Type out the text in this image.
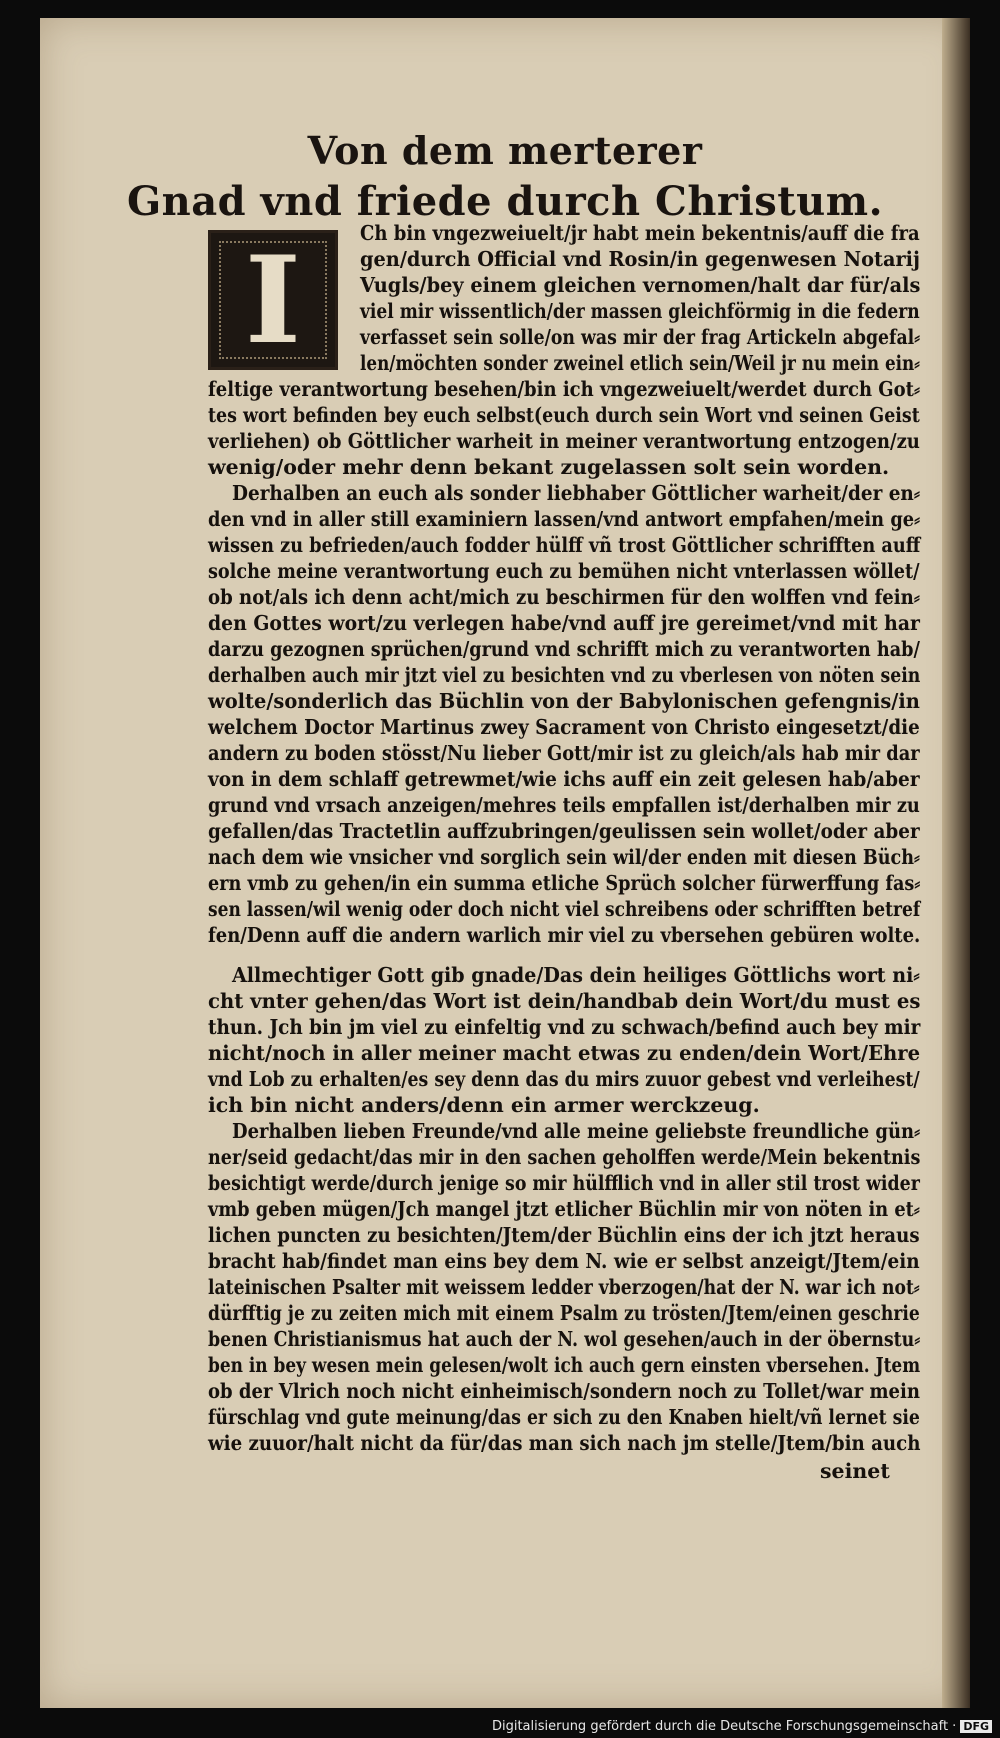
Von dem merterer
Gnad vnd friede durch Christum.
I	Ch bin vngezweiuelt/jr habt mein bekentnis/auff die fra
gen/durch Official vnd Rosin/in gegenwesen Notarij
Vugls/bey einem gleichen vernomen/halt dar für/als
viel mir wissentlich/der massen gleichförmig in die federn
verfasset sein solle/on was mir der frag Artickeln abgefal⸗
len/möchten sonder zweinel etlich sein/Weil jr nu mein ein⸗
feltige verantwortung besehen/bin ich vngezweiuelt/werdet durch Got⸗
tes wort befinden bey euch selbst(euch durch sein Wort vnd seinen Geist
verliehen) ob Göttlicher warheit in meiner verantwortung entzogen/zu
wenig/oder mehr denn bekant zugelassen solt sein worden.
Derhalben an euch als sonder liebhaber Göttlicher warheit/der en⸗
den vnd in aller still examiniern lassen/vnd antwort empfahen/mein ge⸗
wissen zu befrieden/auch fodder hülff vñ trost Göttlicher schrifften auff
solche meine verantwortung euch zu bemühen nicht vnterlassen wöllet/
ob not/als ich denn acht/mich zu beschirmen für den wolffen vnd fein⸗
den Gottes wort/zu verlegen habe/vnd auff jre gereimet/vnd mit har
darzu gezognen sprüchen/grund vnd schrifft mich zu verantworten hab/
derhalben auch mir jtzt viel zu besichten vnd zu vberlesen von nöten sein
wolte/sonderlich das Büchlin von der Babylonischen gefengnis/in
welchem Doctor Martinus zwey Sacrament von Christo eingesetzt/die
andern zu boden stösst/Nu lieber Gott/mir ist zu gleich/als hab mir dar
von in dem schlaff getrewmet/wie ichs auff ein zeit gelesen hab/aber
grund vnd vrsach anzeigen/mehres teils empfallen ist/derhalben mir zu
gefallen/das Tractetlin auffzubringen/geulissen sein wollet/oder aber
nach dem wie vnsicher vnd sorglich sein wil/der enden mit diesen Büch⸗
ern vmb zu gehen/in ein summa etliche Sprüch solcher fürwerffung fas⸗
sen lassen/wil wenig oder doch nicht viel schreibens oder schrifften betref
fen/Denn auff die andern warlich mir viel zu vbersehen gebüren wolte.
Allmechtiger Gott gib gnade/Das dein heiliges Göttlichs wort ni⸗
cht vnter gehen/das Wort ist dein/handbab dein Wort/du must es
thun. Jch bin jm viel zu einfeltig vnd zu schwach/befind auch bey mir
nicht/noch in aller meiner macht etwas zu enden/dein Wort/Ehre
vnd Lob zu erhalten/es sey denn das du mirs zuuor gebest vnd verleihest/
ich bin nicht anders/denn ein armer werckzeug.
Derhalben lieben Freunde/vnd alle meine geliebste freundliche gün⸗
ner/seid gedacht/das mir in den sachen geholffen werde/Mein bekentnis
besichtigt werde/durch jenige so mir hülfflich vnd in aller stil trost wider
vmb geben mügen/Jch mangel jtzt etlicher Büchlin mir von nöten in et⸗
lichen puncten zu besichten/Jtem/der Büchlin eins der ich jtzt heraus
bracht hab/findet man eins bey dem N. wie er selbst anzeigt/Jtem/ein
lateinischen Psalter mit weissem ledder vberzogen/hat der N. war ich not⸗
dürfftig je zu zeiten mich mit einem Psalm zu trösten/Jtem/einen geschrie
benen Christianismus hat auch der N. wol gesehen/auch in der öbernstu⸗
ben in bey wesen mein gelesen/wolt ich auch gern einsten vbersehen. Jtem
ob der Vlrich noch nicht einheimisch/sondern noch zu Tollet/war mein
fürschlag vnd gute meinung/das er sich zu den Knaben hielt/vñ lernet sie
wie zuuor/halt nicht da für/das man sich nach jm stelle/Jtem/bin auch
seinet
Digitalisierung gefördert durch die Deutsche Forschungsgemeinschaft · DFG
